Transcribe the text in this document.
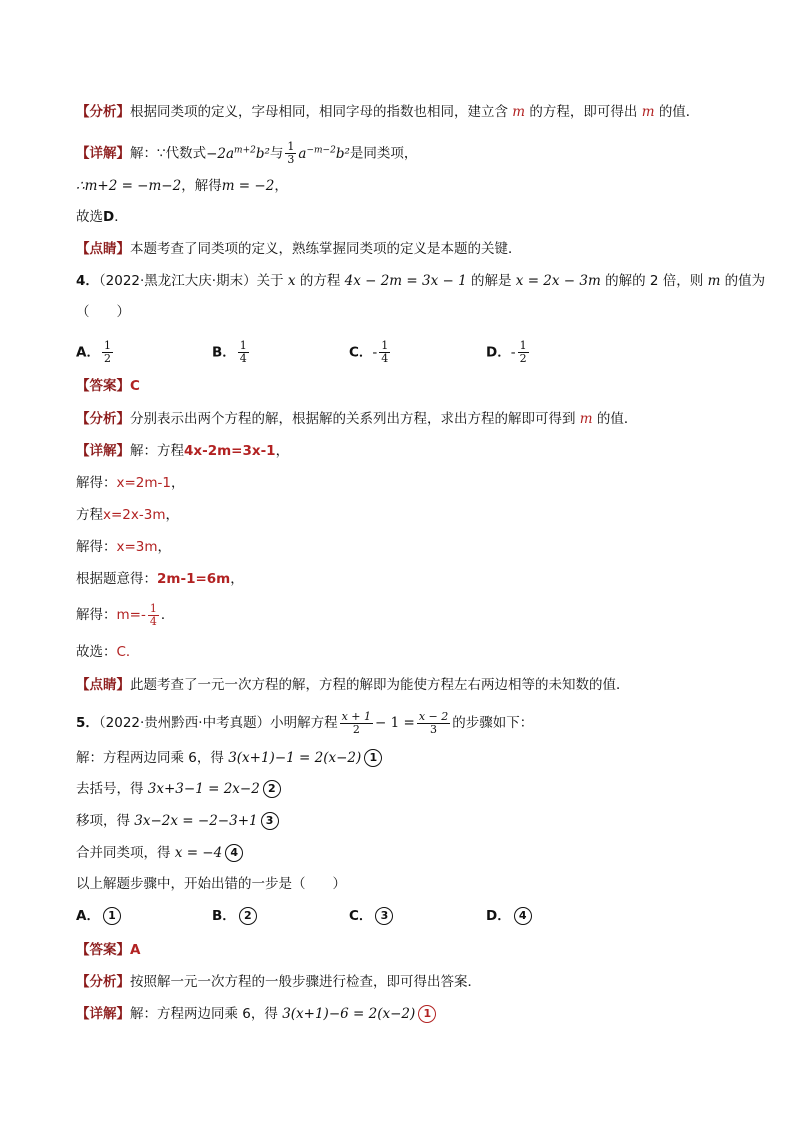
【分析】根据同类项的定义，字母相同，相同字母的指数也相同，建立含 m 的方程，即可得出 m 的值．
【详解】解：∵代数式$-2a^{m+2}b^2$与 $\frac{1}{3} a^{-m-2}b^2$是同类项，
∴m+2 = −m−2，解得m = −2，
故选D．
【点睛】本题考查了同类项的定义，熟练掌握同类项的定义是本题的关键．
4．（2022·黑龙江大庆·期末）关于 x 的方程 4x − 2m = 3x − 1 的解是 x = 2x − 3m 的解的 2 倍，则 m 的值为
（　　）
A． $\frac{1}{2}$	B． $\frac{1}{4}$	C．- $\frac{1}{4}$	D．- $\frac{1}{2}$
【答案】C
【分析】分别表示出两个方程的解，根据解的关系列出方程，求出方程的解即可得到 m 的值．
【详解】解：方程4x-2m=3x-1，
解得：x=2m-1，
方程x=2x-3m，
解得：x=3m，
根据题意得：2m-1=6m，
解得：$m=- \frac{1}{4}$ ．
故选：C．
【点睛】此题考查了一元一次方程的解，方程的解即为能使方程左右两边相等的未知数的值．
5．（2022·贵州黔西·中考真题）小明解方程 $\frac{x + 1}{2} - 1 = \frac{x - 2}{3}$ 的步骤如下：
解：方程两边同乘 6，得 3(x+1)−1 = 2(x−2) 1
去括号，得 3x+3−1 = 2x−2 2
移项，得 3x−2x = −2−3+1 3
合并同类项，得 x = −4 4
以上解题步骤中，开始出错的一步是（　　）
A． 1	B． 2	C． 3	D． 4
【答案】A
【分析】按照解一元一次方程的一般步骤进行检查，即可得出答案．
【详解】解：方程两边同乘 6，得 3(x+1)−6 = 2(x−2) 1
